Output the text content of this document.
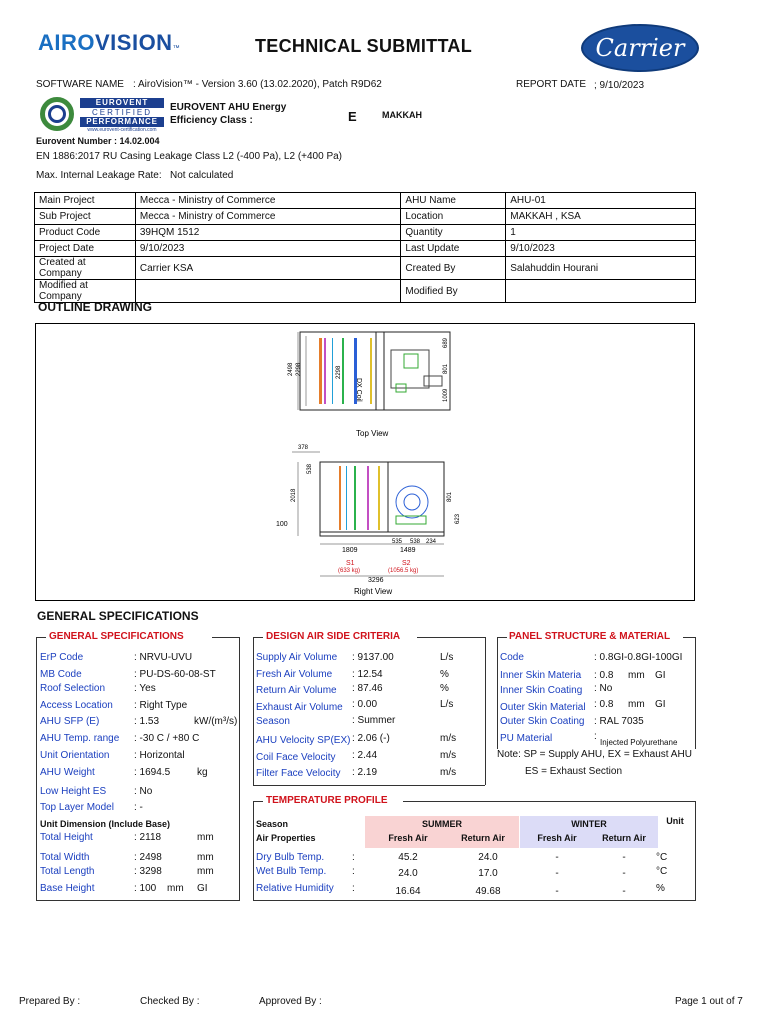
AIROVISION™	TECHNICAL SUBMITTAL	Carrier
SOFTWARE NAME : AiroVision™ - Version 3.60 (13.02.2020), Patch R9D62	REPORT DATE ; 9/10/2023
EUROVENT
CERTIFIED
PERFORMANCE
www.eurovent-certification.com
EUROVENT AHU Energy
Efficiency Class :	E	MAKKAH
Eurovent Number : 14.02.004
EN 1886:2017 RU Casing Leakage Class L2 (-400 Pa), L2 (+400 Pa)
Max. Internal Leakage Rate: Not calculated
Main Project	Mecca - Ministry of Commerce	AHU Name	AHU-01
Sub Project	Mecca - Ministry of Commerce	Location	MAKKAH , KSA
Product Code	39HQM 1512	Quantity	1
Project Date	9/10/2023	Last Update	9/10/2023
Created at Company	Carrier KSA	Created By	Salahuddin Hourani
Modified at Company		Modified By	
OUTLINE DRAWING
DX Coil
2498 2298	2298
689
801
1009
Top View
2018
538
378
100
801
623
535 538 234
1809	1489
S1
(633 kg)
S2
(1056.5 kg)
3296
Right View
GENERAL SPECIFICATIONS
GENERAL SPECIFICATIONS
ErP Code	: NRVU-UVU
MB Code	: PU-DS-60-08-ST
Roof Selection	: Yes
Access Location : Right Type
AHU SFP (E)	: 1.53	kW/(m³/s)
AHU Temp. range : -30 C / +80 C
Unit Orientation : Horizontal
AHU Weight	: 1694.5	kg
Low Height ES	: No
Top Layer Model : -
Unit Dimension (Include Base)
Total Height	: 2118	mm
Total Width	: 2498	mm
Total Length	: 3298	mm
Base Height	: 100 mm GI
DESIGN AIR SIDE CRITERIA
Supply Air Volume : 9137.00	L/s
Fresh Air Volume : 12.54	%
Return Air Volume : 87.46	%
Exhaust Air Volume : 0.00	L/s
Season	: Summer
AHU Velocity SP(EX) : 2.06 (-)	m/s
Coil Face Velocity : 2.44	m/s
Filter Face Velocity : 2.19	m/s
PANEL STRUCTURE & MATERIAL
Code	: 0.8GI-0.8GI-100GI
Inner Skin Materia	: 0.8 mm GI
Inner Skin Coating : No
Outer Skin Material : 0.8 mm GI
Outer Skin Coating : RAL 7035
PU Material	:
Injected Polyurethane
Note: SP = Supply AHU, EX = Exhaust AHU
ES = Exhaust Section
TEMPERATURE PROFILE
Season	SUMMER	WINTER	Unit
Air Properties	Fresh Air	Return Air	Fresh Air	Return Air
Dry Bulb Temp.	:	45.2	24.0	-	-	°C
Wet Bulb Temp.	:	24.0	17.0	-	-	°C
Relative Humidity :	16.64	49.68	-	-	%
Prepared By :	Checked By :	Approved By :	Page 1 out of 7
